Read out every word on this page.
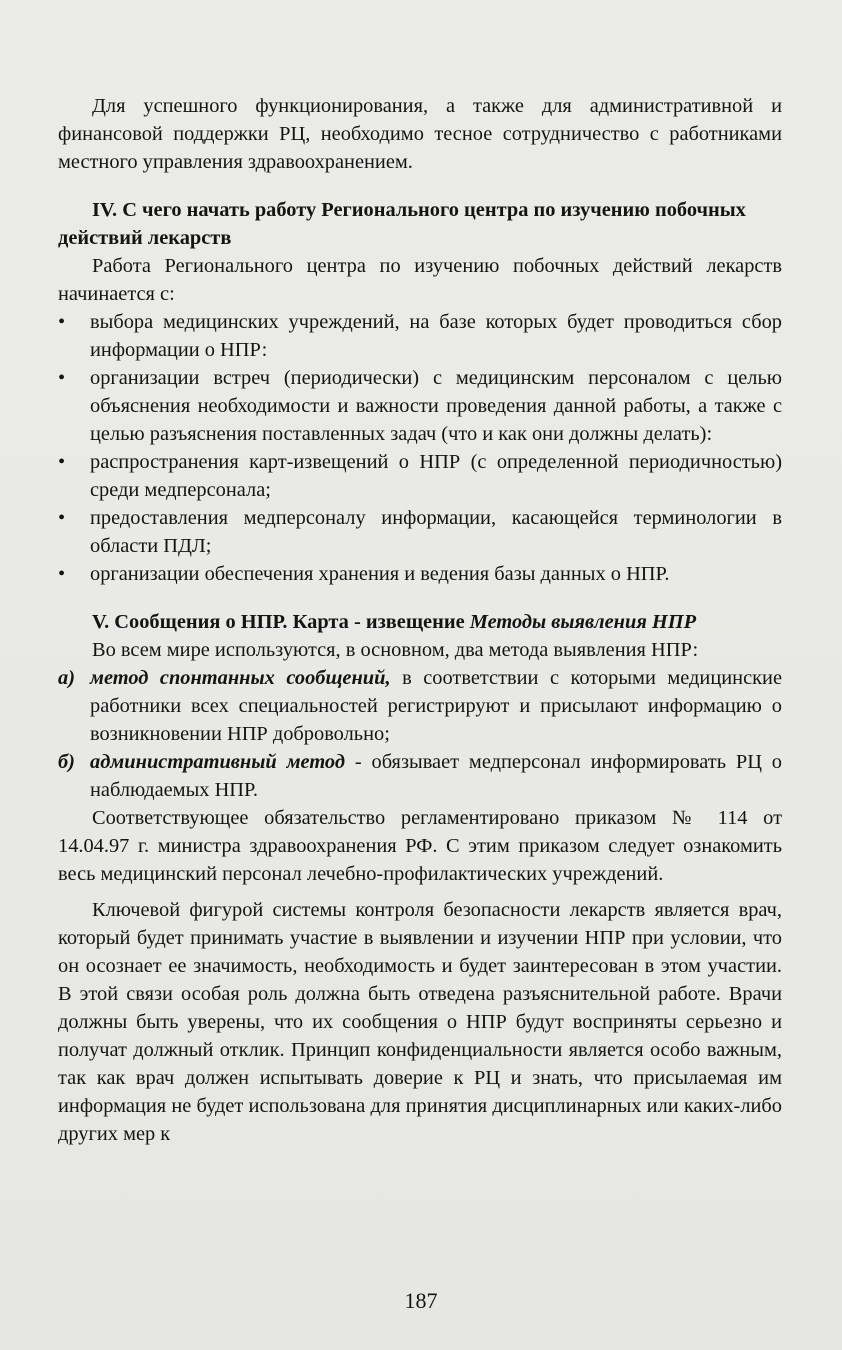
Для успешного функционирования, а также для административной и финансовой поддержки РЦ, необходимо тесное сотрудничество с работниками местного управления здравоохранением.

IV. С чего начать работу Регионального центра по изучению побочных действий лекарств

Работа Регионального центра по изучению побочных действий лекарств начинается с:

•	выбора медицинских учреждений, на базе которых будет проводиться сбор информации о НПР:
•	организации встреч (периодически) с медицинским персоналом с целью объяснения необходимости и важности проведения данной работы, а также с целью разъяснения поставленных задач (что и как они должны делать):
•	распространения карт-извещений о НПР (с определенной периодичностью) среди медперсонала;
•	предоставления медперсоналу информации, касающейся терминологии в области ПДЛ;
•	организации обеспечения хранения и ведения базы данных о НПР.

V. Сообщения о НПР. Карта - извещение Методы выявления НПР

Во всем мире используются, в основном, два метода выявления НПР:

а) метод спонтанных сообщений, в соответствии с которыми медицинские работники всех специальностей регистрируют и присылают информацию о возникновении НПР добровольно;
б) административный метод - обязывает медперсонал информировать РЦ о наблюдаемых НПР.

Соответствующее обязательство регламентировано приказом № 114 от 14.04.97 г. министра здравоохранения РФ. С этим приказом следует ознакомить весь медицинский персонал лечебно-профилактических учреждений.

Ключевой фигурой системы контроля безопасности лекарств является врач, который будет принимать участие в выявлении и изучении НПР при условии, что он осознает ее значимость, необходимость и будет заинтересован в этом участии. В этой связи особая роль должна быть отведена разъяснительной работе. Врачи должны быть уверены, что их сообщения о НПР будут восприняты серьезно и получат должный отклик. Принцип конфиденциальности является особо важным, так как врач должен испытывать доверие к РЦ и знать, что присылаемая им информация не будет использована для принятия дисциплинарных или каких-либо других мер к

187
